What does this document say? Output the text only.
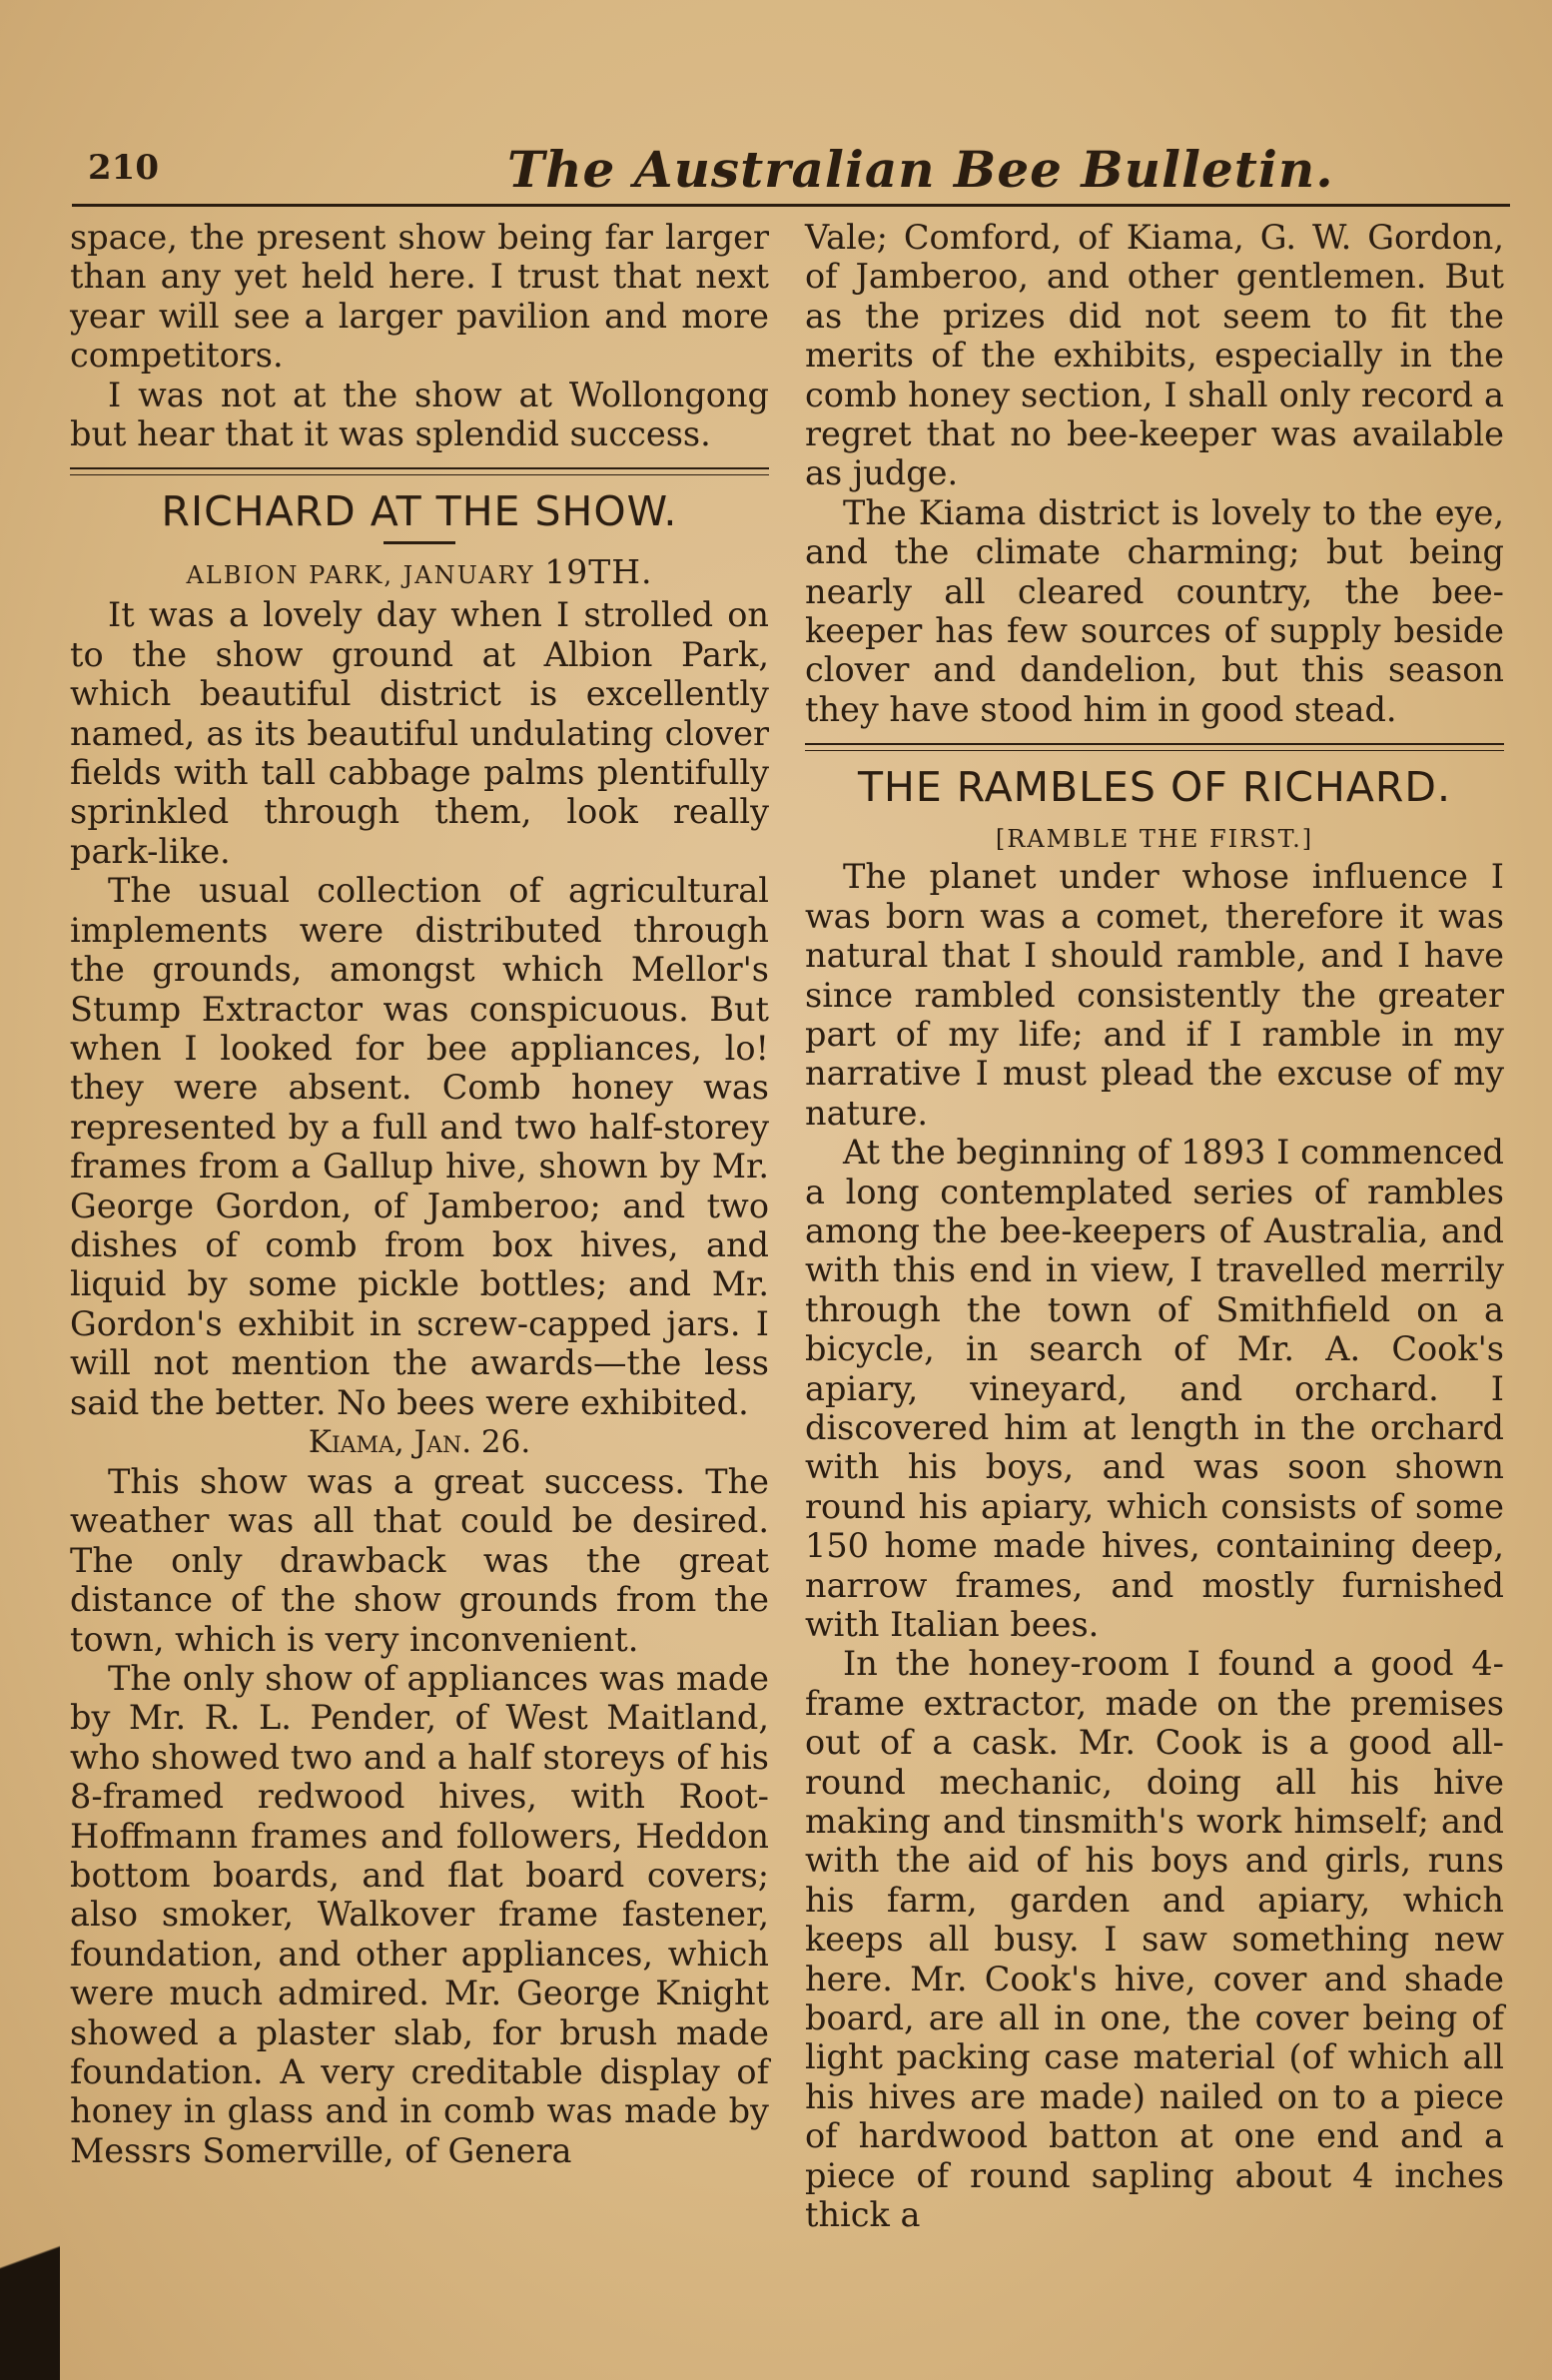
210	The Australian Bee Bulletin.

space, the present show being far larger than any yet held here. I trust that next year will see a larger pavilion and more competitors.

I was not at the show at Wollongong but hear that it was splendid success.

RICHARD AT THE SHOW.
ALBION PARK, JANUARY 19TH.

It was a lovely day when I strolled on to the show ground at Albion Park, which beautiful district is excellently named, as its beautiful undulating clover fields with tall cabbage palms plentifully sprinkled through them, look really park-like.

The usual collection of agricultural implements were distributed through the grounds, amongst which Mellor's Stump Extractor was conspicuous. But when I looked for bee appliances, lo! they were absent. Comb honey was represented by a full and two half-storey frames from a Gallup hive, shown by Mr. George Gordon, of Jamberoo; and two dishes of comb from box hives, and liquid by some pickle bottles; and Mr. Gordon's exhibit in screw-capped jars. I will not mention the awards—the less said the better. No bees were exhibited.

Kiama, Jan. 26.

This show was a great success. The weather was all that could be desired. The only drawback was the great distance of the show grounds from the town, which is very inconvenient.

The only show of appliances was made by Mr. R. L. Pender, of West Maitland, who showed two and a half storeys of his 8-framed redwood hives, with Root-Hoffmann frames and followers, Heddon bottom boards, and flat board covers; also smoker, Walkover frame fastener, foundation, and other appliances, which were much admired. Mr. George Knight showed a plaster slab, for brush made foundation. A very creditable display of honey in glass and in comb was made by Messrs Somerville, of Genera

Vale; Comford, of Kiama, G. W. Gordon, of Jamberoo, and other gentlemen. But as the prizes did not seem to fit the merits of the exhibits, especially in the comb honey section, I shall only record a regret that no bee-keeper was available as judge.

The Kiama district is lovely to the eye, and the climate charming; but being nearly all cleared country, the bee-keeper has few sources of supply beside clover and dandelion, but this season they have stood him in good stead.

THE RAMBLES OF RICHARD.

[RAMBLE THE FIRST.]

The planet under whose influence I was born was a comet, therefore it was natural that I should ramble, and I have since rambled consistently the greater part of my life; and if I ramble in my narrative I must plead the excuse of my nature.

At the beginning of 1893 I commenced a long contemplated series of rambles among the bee-keepers of Australia, and with this end in view, I travelled merrily through the town of Smithfield on a bicycle, in search of Mr. A. Cook's apiary, vineyard, and orchard. I discovered him at length in the orchard with his boys, and was soon shown round his apiary, which consists of some 150 home made hives, containing deep, narrow frames, and mostly furnished with Italian bees.

In the honey-room I found a good 4-frame extractor, made on the premises out of a cask. Mr. Cook is a good all-round mechanic, doing all his hive making and tinsmith's work himself; and with the aid of his boys and girls, runs his farm, garden and apiary, which keeps all busy. I saw something new here. Mr. Cook's hive, cover and shade board, are all in one, the cover being of light packing case material (of which all his hives are made) nailed on to a piece of hardwood batton at one end and a piece of round sapling about 4 inches thick a
